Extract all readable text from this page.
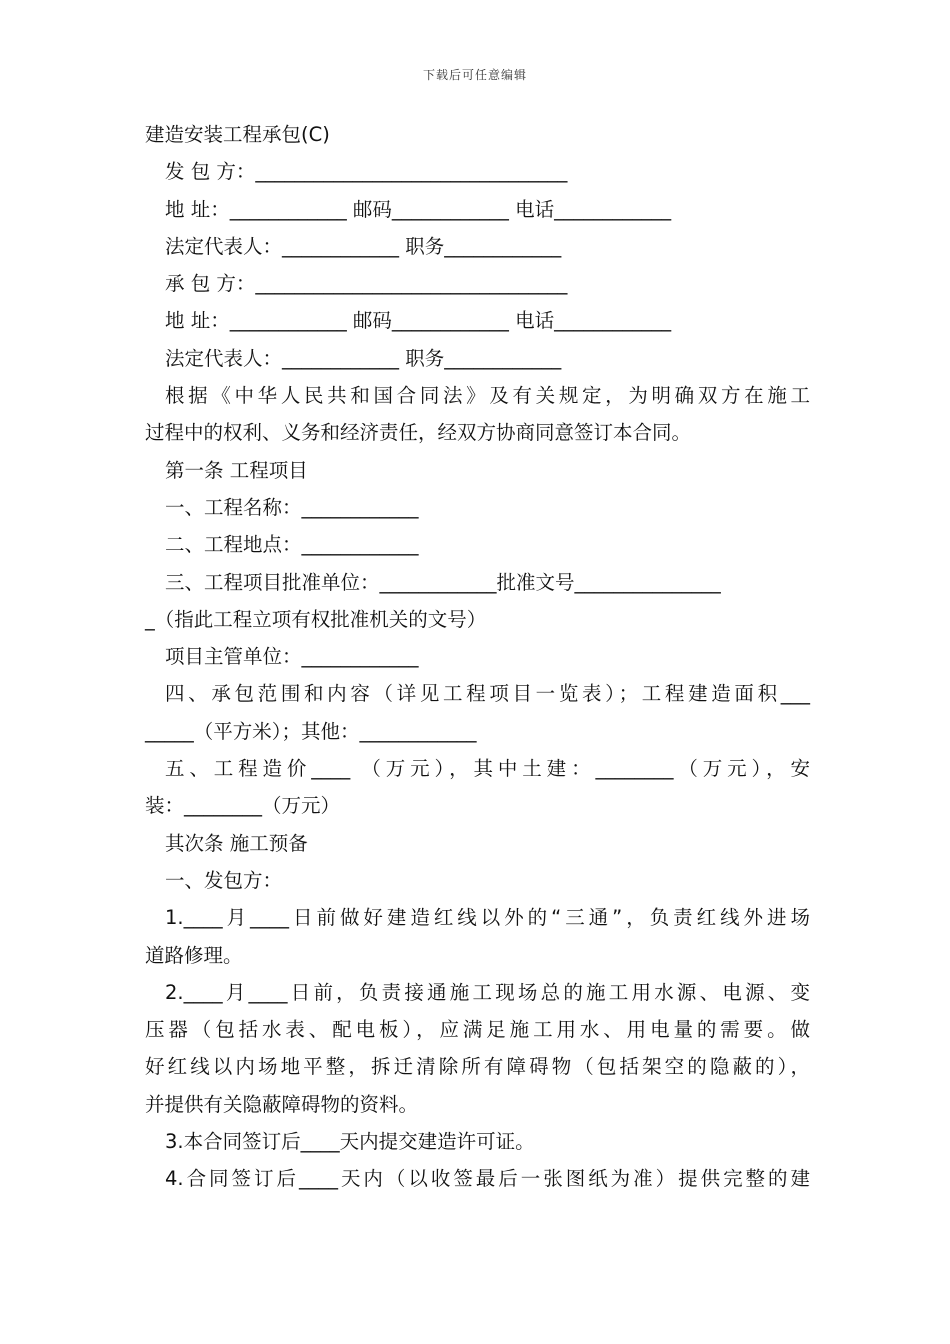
下载后可任意编辑
建造安装工程承包(C)
发 包 方：________________________________
地 址：____________ 邮码____________ 电话____________
法定代表人：____________ 职务____________
承 包 方：________________________________
地 址：____________ 邮码____________ 电话____________
法定代表人：____________ 职务____________
根据《中华人民共和国合同法》及有关规定，为明确双方在施工
过程中的权利、义务和经济责任，经双方协商同意签订本合同。
第一条 工程项目
一、工程名称：____________
二、工程地点：____________
三、工程项目批准单位：____________批准文号_______________
_（指此工程立项有权批准机关的文号）
项目主管单位：____________
四、承包范围和内容（详见工程项目一览表）；工程建造面积___
_____（平方米）；其他：____________
五、工程造价____ （万元），其中土建：________（万元），安
装：________（万元）
其次条 施工预备
一、发包方：
1.____月____日前做好建造红线以外的“三通”，负责红线外进场
道路修理。
2.____月____日前，负责接通施工现场总的施工用水源、电源、变
压器（包括水表、配电板），应满足施工用水、用电量的需要。做
好红线以内场地平整，拆迁清除所有障碍物（包括架空的隐蔽的），
并提供有关隐蔽障碍物的资料。
3.本合同签订后____天内提交建造许可证。
4.合同签订后____天内（以收签最后一张图纸为准）提供完整的建
